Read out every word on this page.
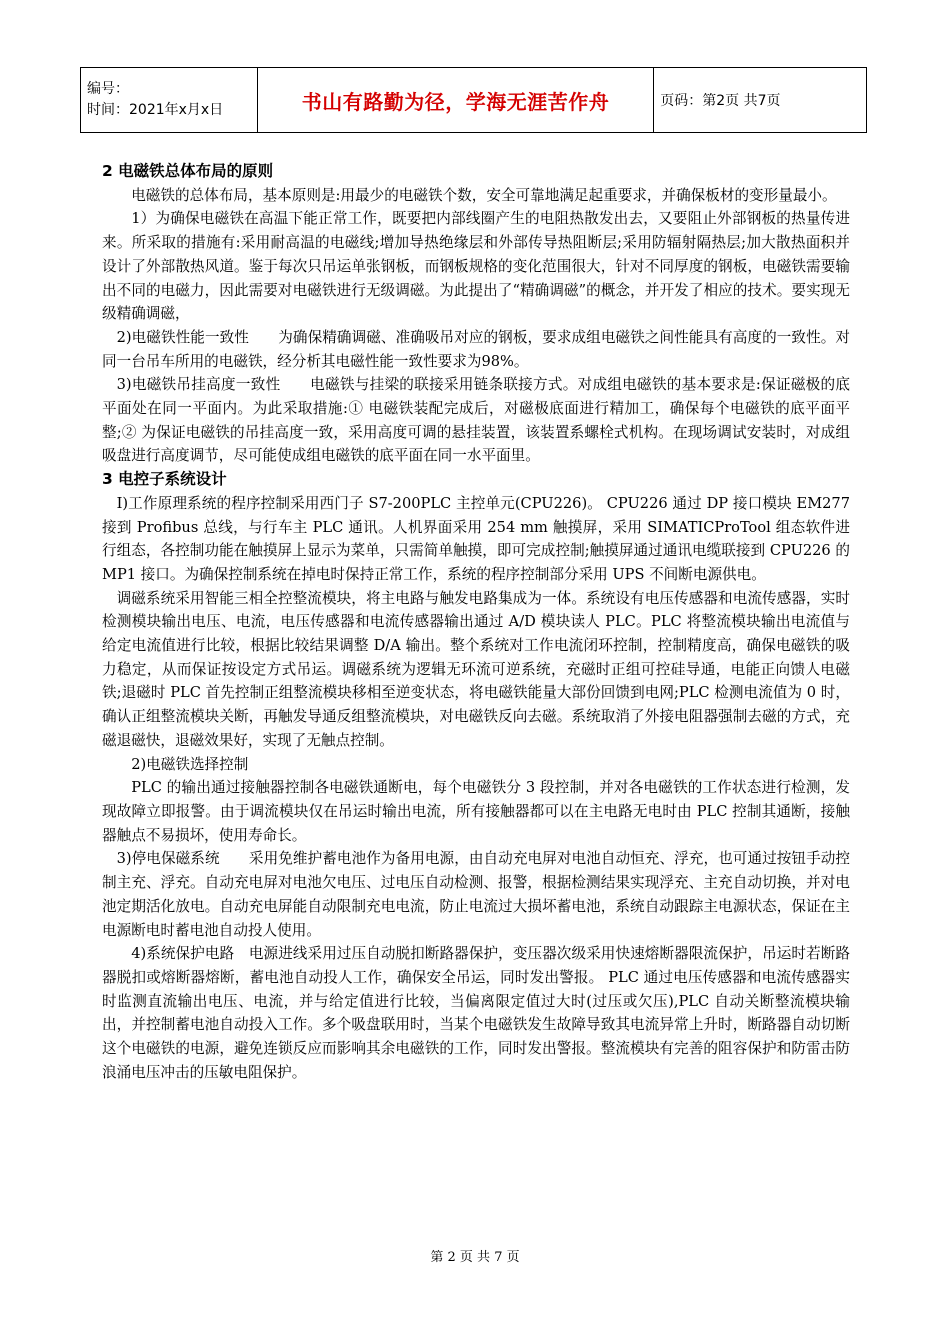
编号：
时间：2021年x月x日	书山有路勤为径，学海无涯苦作舟	页码：第2页 共7页
2 电磁铁总体布局的原则

电磁铁的总体布局，基本原则是:用最少的电磁铁个数，安全可靠地满足起重要求，并确保板材的变形量最小。

1）为确保电磁铁在高温下能正常工作，既要把内部线圈产生的电阻热散发出去，又要阻止外部钢板的热量传进来。所采取的措施有:采用耐高温的电磁线;增加导热绝缘层和外部传导热阻断层;采用防辐射隔热层;加大散热面积并设计了外部散热风道。鉴于每次只吊运单张钢板，而钢板规格的变化范围很大，针对不同厚度的钢板，电磁铁需要输出不同的电磁力，因此需要对电磁铁进行无级调磁。为此提出了“精确调磁”的概念，并开发了相应的技术。要实现无级精确调磁，

2)电磁铁性能一致性　　为确保精确调磁、准确吸吊对应的钢板，要求成组电磁铁之间性能具有高度的一致性。对同一台吊车所用的电磁铁，经分析其电磁性能一致性要求为98%。

3)电磁铁吊挂高度一致性　　电磁铁与挂梁的联接采用链条联接方式。对成组电磁铁的基本要求是:保证磁极的底平面处在同一平面内。为此采取措施:① 电磁铁装配完成后，对磁极底面进行精加工，确保每个电磁铁的底平面平整;② 为保证电磁铁的吊挂高度一致，采用高度可调的悬挂装置，该装置系螺栓式机构。在现场调试安装时，对成组吸盘进行高度调节，尽可能使成组电磁铁的底平面在同一水平面里。

3 电控子系统设计

I)工作原理系统的程序控制采用西门子 S7-200PLC 主控单元(CPU226)。 CPU226 通过 DP 接口模块 EM277 接到 Profibus 总线，与行车主 PLC 通讯。人机界面采用 254 mm 触摸屏，采用 SIMATICProTool 组态软件进行组态，各控制功能在触摸屏上显示为菜单，只需简单触摸，即可完成控制;触摸屏通过通讯电缆联接到 CPU226 的 MP1 接口。为确保控制系统在掉电时保持正常工作，系统的程序控制部分采用 UPS 不间断电源供电。

调磁系统采用智能三相全控整流模块，将主电路与触发电路集成为一体。系统设有电压传感器和电流传感器，实时检测模块输出电压、电流，电压传感器和电流传感器输出通过 A/D 模块读人 PLC。PLC 将整流模块输出电流值与给定电流值进行比较，根据比较结果调整 D/A 输出。整个系统对工作电流闭环控制，控制精度高，确保电磁铁的吸力稳定，从而保证按设定方式吊运。调磁系统为逻辑无环流可逆系统，充磁时正组可控硅导通，电能正向馈人电磁铁;退磁时 PLC 首先控制正组整流模块移相至逆变状态，将电磁铁能量大部份回馈到电网;PLC 检测电流值为 0 时，确认正组整流模块关断，再触发导通反组整流模块，对电磁铁反向去磁。系统取消了外接电阻器强制去磁的方式，充磁退磁快，退磁效果好，实现了无触点控制。

2)电磁铁选择控制

PLC 的输出通过接触器控制各电磁铁通断电，每个电磁铁分 3 段控制，并对各电磁铁的工作状态进行检测，发现故障立即报警。由于调流模块仅在吊运时输出电流，所有接触器都可以在主电路无电时由 PLC 控制其通断，接触器触点不易损坏，使用寿命长。

3)停电保磁系统　　采用免维护蓄电池作为备用电源，由自动充电屏对电池自动恒充、浮充，也可通过按钮手动控制主充、浮充。自动充电屏对电池欠电压、过电压自动检测、报警，根据检测结果实现浮充、主充自动切换，并对电池定期活化放电。自动充电屏能自动限制充电电流，防止电流过大损坏蓄电池，系统自动跟踪主电源状态，保证在主电源断电时蓄电池自动投人使用。

4)系统保护电路　电源进线采用过压自动脱扣断路器保护，变压器次级采用快速熔断器限流保护，吊运时若断路器脱扣或熔断器熔断，蓄电池自动投人工作，确保安全吊运，同时发出警报。 PLC 通过电压传感器和电流传感器实时监测直流输出电压、电流，并与给定值进行比较，当偏离限定值过大时(过压或欠压),PLC 自动关断整流模块输出，并控制蓄电池自动投入工作。多个吸盘联用时，当某个电磁铁发生故障导致其电流异常上升时，断路器自动切断这个电磁铁的电源，避免连锁反应而影响其余电磁铁的工作，同时发出警报。整流模块有完善的阻容保护和防雷击防浪涌电压冲击的压敏电阻保护。

第 2 页 共 7 页
